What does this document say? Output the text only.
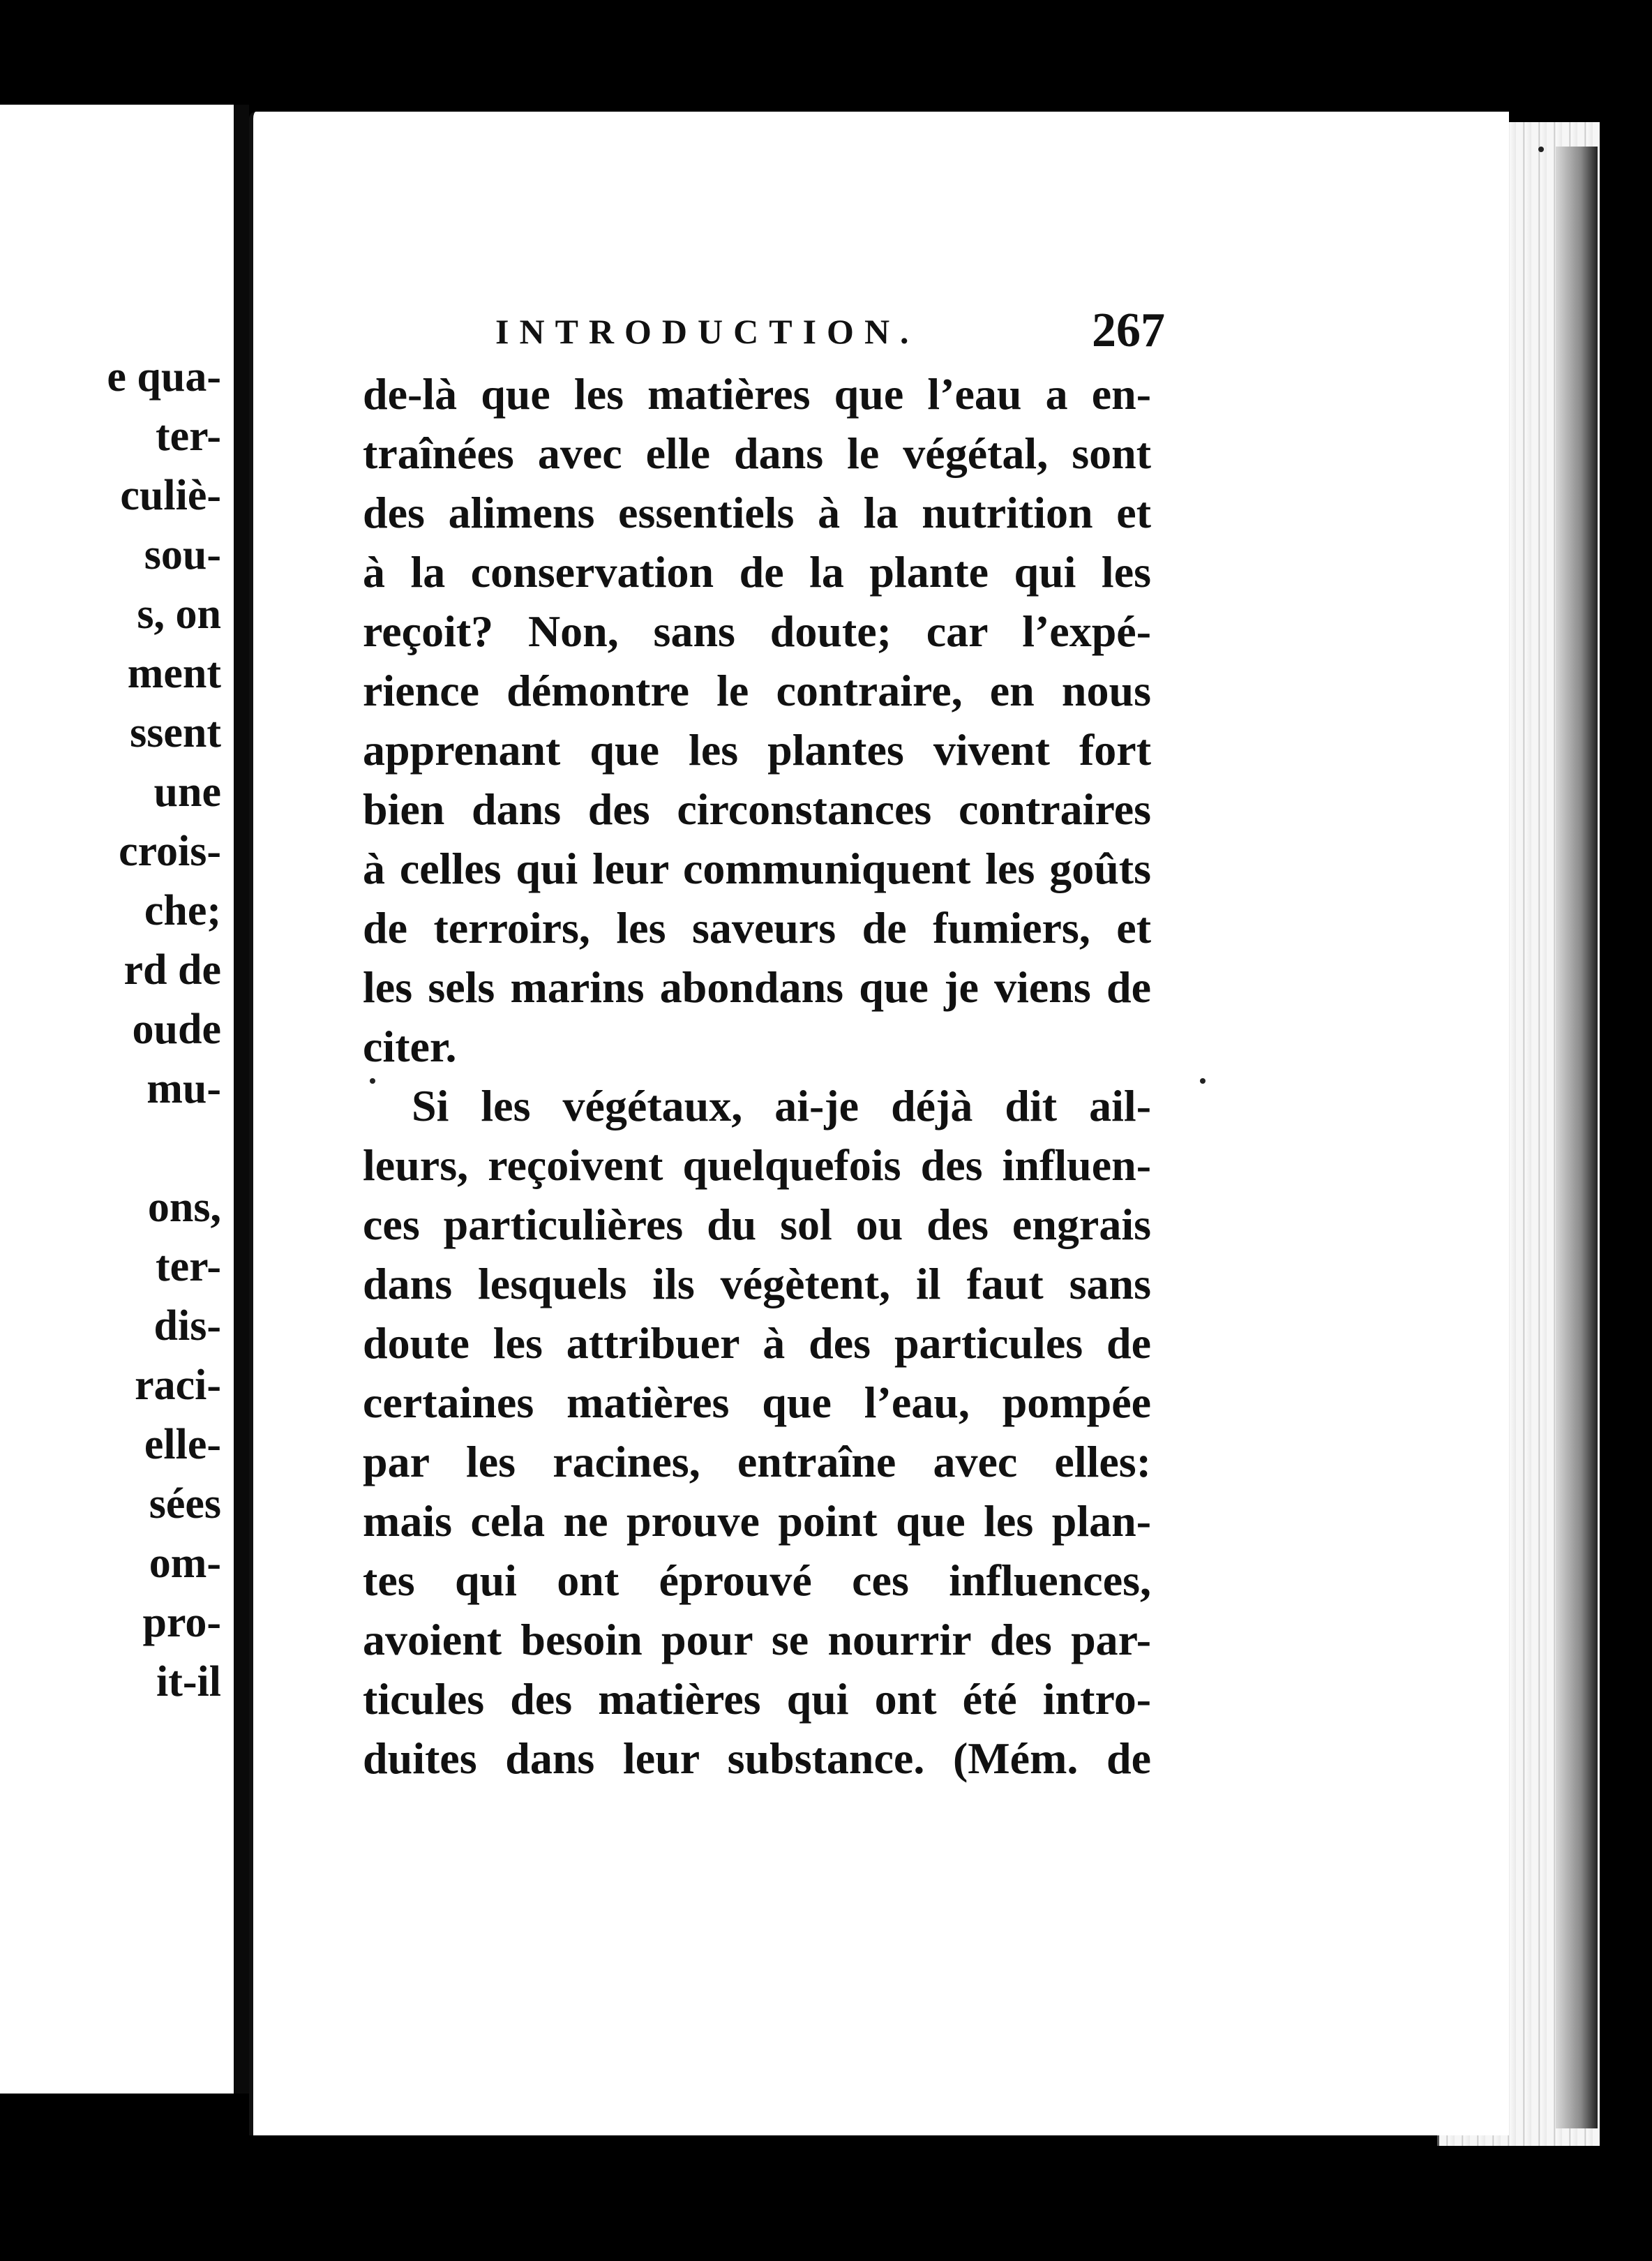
e qua-
ter-
culiè-
sou-
s, on
ment
ssent
une
crois-
che;
rd de
oude
mu-
ons,
ter-
dis-
raci-
elle-
sées
om-
pro-
it-il
INTRODUCTION.	267
de-là que les matières que l’eau a en-
traînées avec elle dans le végétal, sont
des alimens essentiels à la nutrition et
à la conservation de la plante qui les
reçoit? Non, sans doute; car l’expé-
rience démontre le contraire, en nous
apprenant que les plantes vivent fort
bien dans des circonstances contraires
à celles qui leur communiquent les goûts
de terroirs, les saveurs de fumiers, et
les sels marins abondans que je viens de
citer.
Si les végétaux, ai-je déjà dit ail-
leurs, reçoivent quelquefois des influen-
ces particulières du sol ou des engrais
dans lesquels ils végètent, il faut sans
doute les attribuer à des particules de
certaines matières que l’eau, pompée
par les racines, entraîne avec elles:
mais cela ne prouve point que les plan-
tes qui ont éprouvé ces influences,
avoient besoin pour se nourrir des par-
ticules des matières qui ont été intro-
duites dans leur substance. (Mém. de
